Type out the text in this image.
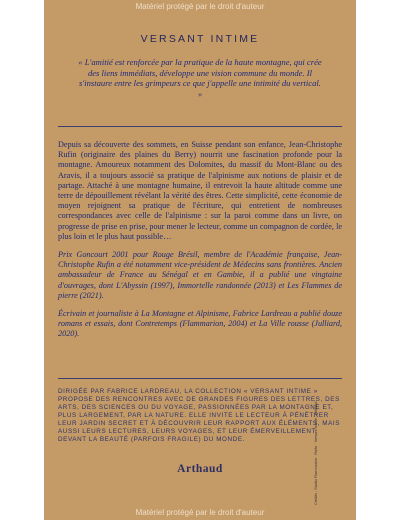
Matériel protégé par le droit d'auteur
VERSANT INTIME
« L'amitié est renforcée par la pratique de la haute montagne, qui crée des liens immédiats, développe une vision commune du monde. Il s'instaure entre les grimpeurs ce que j'appelle une intimité du vertical. »

Depuis sa découverte des sommets, en Suisse pendant son enfance, Jean-Christophe Rufin (originaire des plaines du Berry) nourrit une fascination profonde pour la montagne. Amoureux notamment des Dolomites, du massif du Mont-Blanc ou des Aravis, il a toujours associé sa pratique de l'alpinisme aux notions de plaisir et de partage. Attaché à une montagne humaine, il entrevoit la haute altitude comme une terre de dépouillement révélant la vérité des êtres. Cette simplicité, cette économie de moyen rejoignent sa pratique de l'écriture, qui entretient de nombreuses correspondances avec celle de l'alpinisme : sur la paroi comme dans un livre, on progresse de prise en prise, pour mener le lecteur, comme un compagnon de cordée, le plus loin et le plus haut possible…

Prix Goncourt 2001 pour Rouge Brésil, membre de l'Académie française, Jean-Christophe Rufin a été notamment vice-président de Médecins sans frontières. Ancien ambassadeur de France au Sénégal et en Gambie, il a publié une vingtaine d'ouvrages, dont L'Abyssin (1997), Immortelle randonnée (2013) et Les Flammes de pierre (2021).

Écrivain et journaliste à La Montagne et Alpinisme, Fabrice Lardreau a publié douze romans et essais, dont Contretemps (Flammarion, 2004) et La Ville rousse (Julliard, 2020).

DIRIGÉE PAR FABRICE LARDREAU, LA COLLECTION « VERSANT INTIME » PROPOSE DES RENCONTRES AVEC DE GRANDES FIGURES DES LETTRES, DES ARTS, DES SCIENCES OU DU VOYAGE, PASSIONNÉES PAR LA MONTAGNE ET, PLUS LARGEMENT, PAR LA NATURE. ELLE INVITE LE LECTEUR À PÉNÉTRER LEUR JARDIN SECRET ET À DÉCOUVRIR LEUR RAPPORT AUX ÉLÉMENTS, MAIS AUSSI LEURS LECTURES, LEURS VOYAGES, ET LEUR ÉMERVEILLEMENT DEVANT LA BEAUTÉ (PARFOIS FRAGILE) DU MONDE.
Arthaud
Matériel protégé par le droit d'auteur
Crédits : Studio Flammarion · Rufin · Versant Intime · Arthaud
